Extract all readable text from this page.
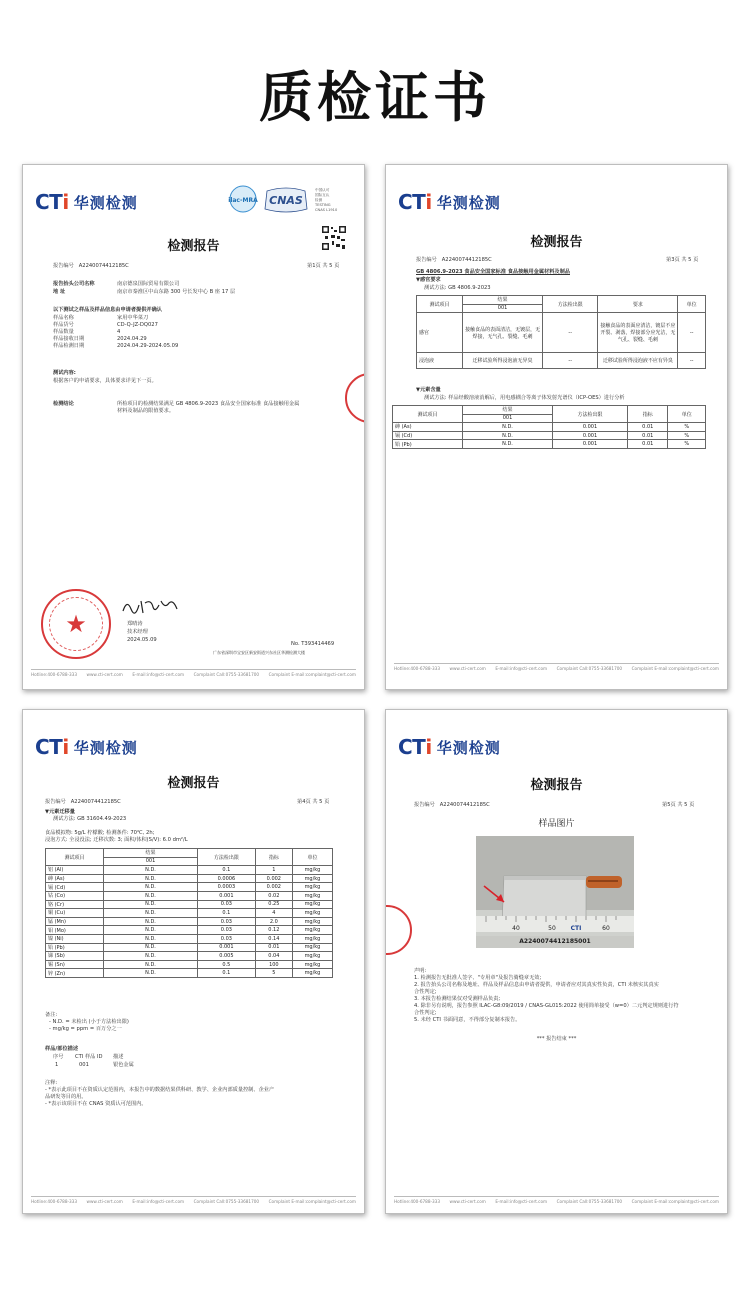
质检证书
CTi 华测检测	ilac-MRA CNAS
中国认可
国际互认
检测
TESTING
CNAS L1910
检测报告
报告编号 A2240074412185C	第1页 共 5 页
报告抬头公司名称	南京德泉国际贸易有限公司
地 址	南京市秦淮区中山东路 300 号长发中心 B 座 17 层
以下测试之样品及样品信息由申请者提供并确认
样品名称	家用中华菜刀
样品货号	CD-Q-JZ-DQ027
样品数量	4
样品接收日期	2024.04.29
样品检测日期	2024.04.29-2024.05.09
测试内容:
根据客户的申请要求，具体要求详见下一页。
检测结论	所检项目的检测结果满足 GB 4806.9-2023 食品安全国家标准 食品接触用金属
材料及制品的限值要求。
郑晴涛
技术经理
2024.05.09
★
No. T393414469
广东省深圳市宝安区新安街道兴东社区华测检测大楼
Hotline:400-6788-333 www.cti-cert.com E-mail:info@cti-cert.com Complaint Call:0755-33681700 Complaint E-mail:complaint@cti-cert.com
CTi 华测检测
检测报告
报告编号 A2240074412185C	第3页 共 5 页
GB 4806.9-2023 食品安全国家标准 食品接触用金属材料及制品
▼感官要求
测试方法: GB 4806.9-2023
测试项目	结果	方法检出限	要求	单位
	001			
感官	接触食品的表面清洁，无镀层，无焊接，无气孔、裂缝、毛刺	--	接触食品的表面应清洁，镀层不应开裂、剥落，焊接部分应光洁，无气孔、裂缝、毛刺	--
浸泡液	迁移试验所得浸泡液无异臭	--	迁移试验所得浸泡液不应有异臭	--
▼元素含量
测试方法: 样品经酸溶液消解后，用电感耦合等离子体发射光谱仪（ICP-OES）进行分析
测试项目	结果	方法检出限	指标	单位
	001			
砷 (As)	N.D.	0.001	0.01	%
镉 (Cd)	N.D.	0.001	0.01	%
铅 (Pb)	N.D.	0.001	0.01	%
Hotline:400-6788-333 www.cti-cert.com E-mail:info@cti-cert.com Complaint Call:0755-33681700 Complaint E-mail:complaint@cti-cert.com
CTi 华测检测
检测报告
报告编号 A2240074412185C	第4页 共 5 页
▼元素迁移量
测试方法: GB 31604.49-2023
食品模拟物: 5g/L 柠檬酸; 检测条件: 70℃, 2h;
浸泡方式: 全浸没法; 迁移次数: 3; 面积/体积(S/V): 6.0 dm²/L
测试项目	结果	方法检出限	指标	单位
	001			
铝 (Al)	N.D.	0.1	1	mg/kg
砷 (As)	N.D.	0.0006	0.002	mg/kg
镉 (Cd)	N.D.	0.0003	0.002	mg/kg
钴 (Co)	N.D.	0.001	0.02	mg/kg
铬 (Cr)	N.D.	0.03	0.25	mg/kg
铜 (Cu)	N.D.	0.1	4	mg/kg
锰 (Mn)	N.D.	0.03	2.0	mg/kg
钼 (Mo)	N.D.	0.03	0.12	mg/kg
镍 (Ni)	N.D.	0.03	0.14	mg/kg
铅 (Pb)	N.D.	0.001	0.01	mg/kg
锑 (Sb)	N.D.	0.005	0.04	mg/kg
锡 (Sn)	N.D.	0.5	100	mg/kg
锌 (Zn)	N.D.	0.1	5	mg/kg
备注:
- N.D. = 未检出 (小于方法检出限)
- mg/kg = ppm = 百万分之一
样品/部位描述
序号 CTI 样品 ID 描述
1	001	银色金属
注释:
- *表示此项目不在资质认定范围内，本报告中的数据结果供科研、教学、企业内部质量控制、企业产
品研发等目的用。
- *表示该项目不在 CNAS 资质认可范围内。
Hotline:400-6788-333 www.cti-cert.com E-mail:info@cti-cert.com Complaint Call:0755-33681700 Complaint E-mail:complaint@cti-cert.com
CTi 华测检测
检测报告
报告编号 A2240074412185C	第5页 共 5 页
样品图片
40	50 CTI	60
A2240074412185001
声明:
1. 检测报告无批准人签字、"专用章"及报告骑缝章无效;
2. 报告抬头公司名称及地址、样品及样品信息由申请者提供，申请者应对其真实性负责，CTI 未核实其真实
合性判定;
3. 本报告检测结果仅对受测样品负责;
4. 除非另有说明，报告参照 ILAC-G8:09/2019 / CNAS-GL015:2022 使用简单接受（w=0）二元判定规则进行符
合性判定;
5. 未经 CTI 书面同意，不得部分复制本报告。
*** 报告结束 ***
Hotline:400-6788-333 www.cti-cert.com E-mail:info@cti-cert.com Complaint Call:0755-33681700 Complaint E-mail:complaint@cti-cert.com
